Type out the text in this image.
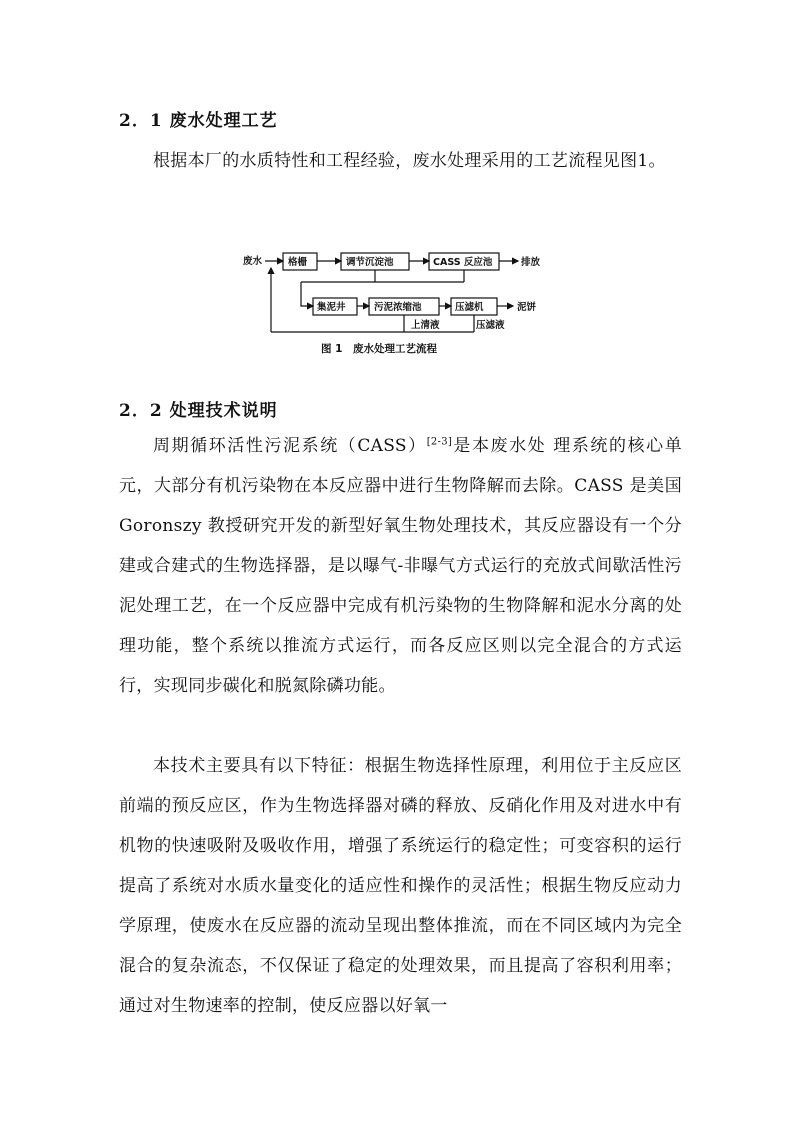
2．1 废水处理工艺
根据本厂的水质特性和工程经验，废水处理采用的工艺流程见图1。
废水	格栅	调节沉淀池	CASS 反应池	排放
集泥井	污泥浓缩池	压滤机	泥饼
上清液	压滤液
图 1　废水处理工艺流程
2．2 处理技术说明
周期循环活性污泥系统（CASS）[2-3]是本废水处 理系统的核心单元，大部分有机污染物在本反应器中进行生物降解而去除。CASS 是美国 Goronszy 教授研究开发的新型好氧生物处理技术，其反应器设有一个分建或合建式的生物选择器，是以曝气-非曝气方式运行的充放式间歇活性污泥处理工艺，在一个反应器中完成有机污染物的生物降解和泥水分离的处理功能，整个系统以推流方式运行，而各反应区则以完全混合的方式运行，实现同步碳化和脱氮除磷功能。
本技术主要具有以下特征：根据生物选择性原理，利用位于主反应区前端的预反应区，作为生物选择器对磷的释放、反硝化作用及对进水中有机物的快速吸附及吸收作用，增强了系统运行的稳定性；可变容积的运行提高了系统对水质水量变化的适应性和操作的灵活性；根据生物反应动力学原理，使废水在反应器的流动呈现出整体推流，而在不同区域内为完全混合的复杂流态，不仅保证了稳定的处理效果，而且提高了容积利用率；通过对生物速率的控制，使反应器以好氧一
